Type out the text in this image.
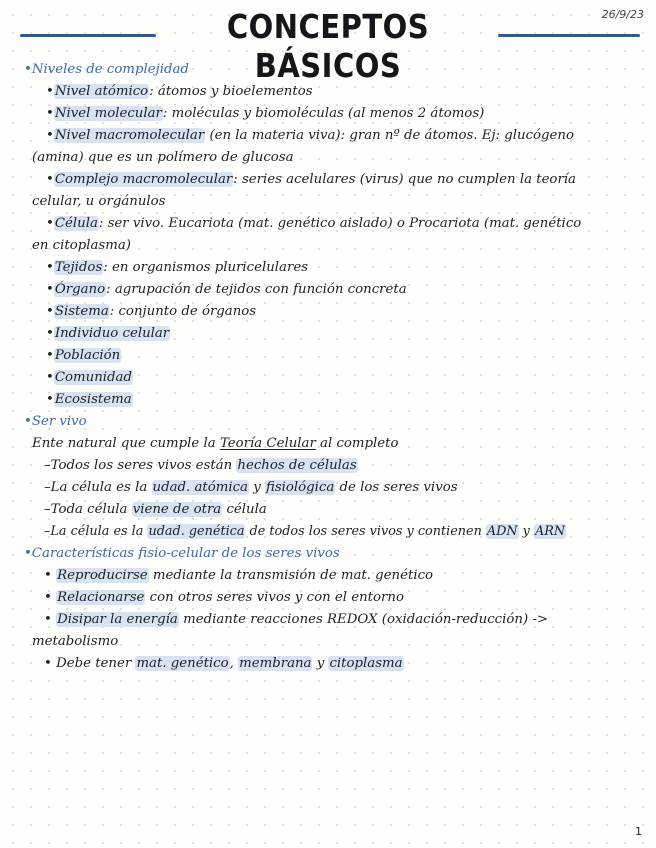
CONCEPTOS BÁSICOS
26/9/23
•Niveles de complejidad
•Nivel atómico: átomos y bioelementos
•Nivel molecular: moléculas y biomoléculas (al menos 2 átomos)
•Nivel macromolecular (en la materia viva): gran nº de átomos. Ej: glucógeno
(amina) que es un polímero de glucosa
•Complejo macromolecular: series acelulares (virus) que no cumplen la teoría
celular, u orgánulos
•Célula: ser vivo. Eucariota (mat. genético aislado) o Procariota (mat. genético
en citoplasma)
•Tejidos: en organismos pluricelulares
•Órgano: agrupación de tejidos con función concreta
•Sistema: conjunto de órganos
•Individuo celular
•Población
•Comunidad
•Ecosistema
•Ser vivo
Ente natural que cumple la Teoría Celular al completo
–Todos los seres vivos están hechos de células
–La célula es la udad. atómica y fisiológica de los seres vivos
–Toda célula viene de otra célula
–La célula es la udad. genética de todos los seres vivos y contienen ADN y ARN
•Características fisio-celular de los seres vivos
• Reproducirse mediante la transmisión de mat. genético
• Relacionarse con otros seres vivos y con el entorno
• Disipar la energía mediante reacciones REDOX (oxidación-reducción) ->
metabolismo
• Debe tener mat. genético, membrana y citoplasma
1
